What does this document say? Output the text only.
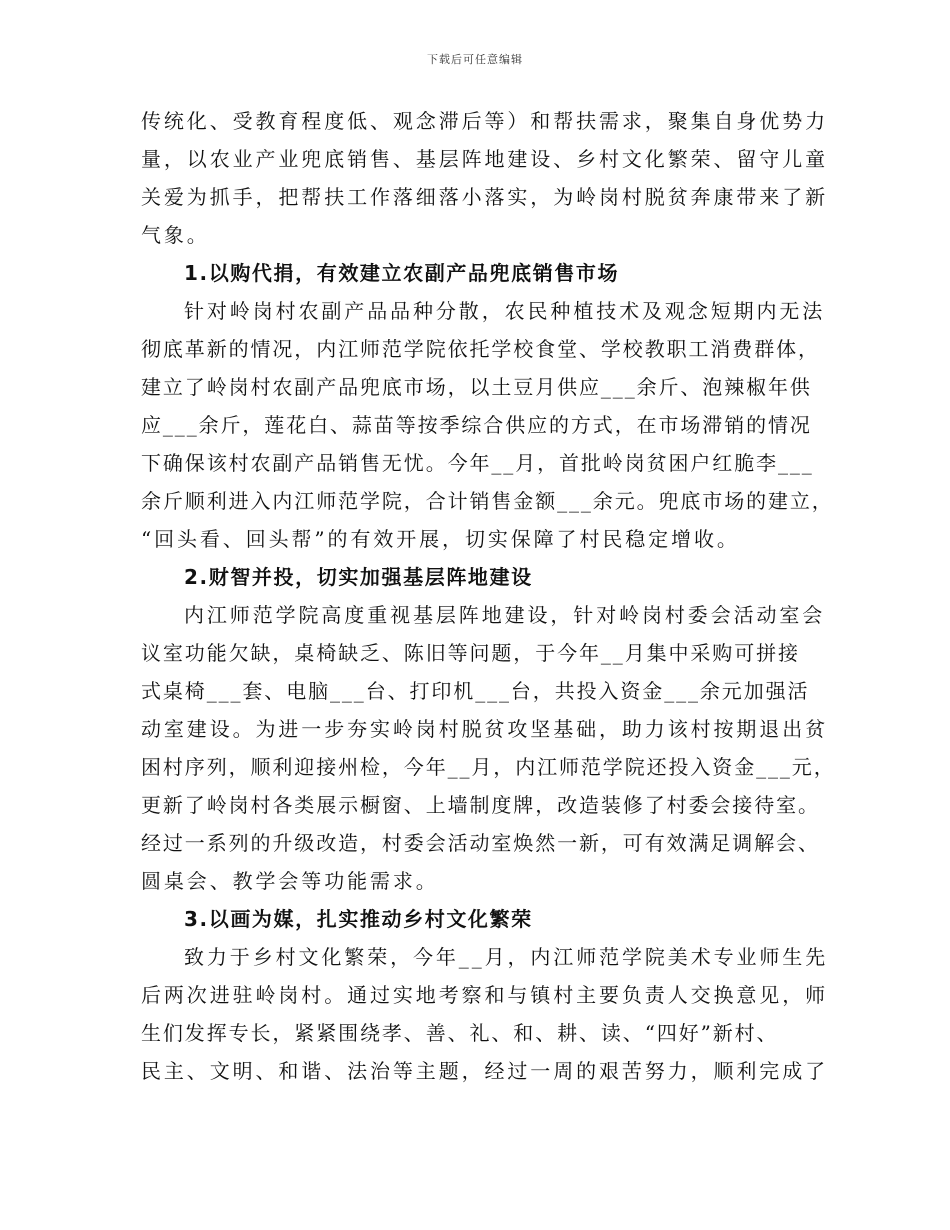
下载后可任意编辑
传统化、受教育程度低、观念滞后等）和帮扶需求，聚集自身优势力
量，以农业产业兜底销售、基层阵地建设、乡村文化繁荣、留守儿童
关爱为抓手，把帮扶工作落细落小落实，为岭岗村脱贫奔康带来了新
气象。
1.以购代捐，有效建立农副产品兜底销售市场
针对岭岗村农副产品品种分散，农民种植技术及观念短期内无法
彻底革新的情况，内江师范学院依托学校食堂、学校教职工消费群体，
建立了岭岗村农副产品兜底市场，以土豆月供应___余斤、泡辣椒年供
应___余斤，莲花白、蒜苗等按季综合供应的方式，在市场滞销的情况
下确保该村农副产品销售无忧。今年__月，首批岭岗贫困户红脆李___
余斤顺利进入内江师范学院，合计销售金额___余元。兜底市场的建立，
“回头看、回头帮”的有效开展，切实保障了村民稳定增收。
2.财智并投，切实加强基层阵地建设
内江师范学院高度重视基层阵地建设，针对岭岗村委会活动室会
议室功能欠缺，桌椅缺乏、陈旧等问题，于今年__月集中采购可拼接
式桌椅___套、电脑___台、打印机___台，共投入资金___余元加强活
动室建设。为进一步夯实岭岗村脱贫攻坚基础，助力该村按期退出贫
困村序列，顺利迎接州检，今年__月，内江师范学院还投入资金___元，
更新了岭岗村各类展示橱窗、上墙制度牌，改造装修了村委会接待室。
经过一系列的升级改造，村委会活动室焕然一新，可有效满足调解会、
圆桌会、教学会等功能需求。
3.以画为媒，扎实推动乡村文化繁荣
致力于乡村文化繁荣，今年__月，内江师范学院美术专业师生先
后两次进驻岭岗村。通过实地考察和与镇村主要负责人交换意见，师
生们发挥专长，紧紧围绕孝、善、礼、和、耕、读、“四好”新村、
民主、文明、和谐、法治等主题，经过一周的艰苦努力，顺利完成了
